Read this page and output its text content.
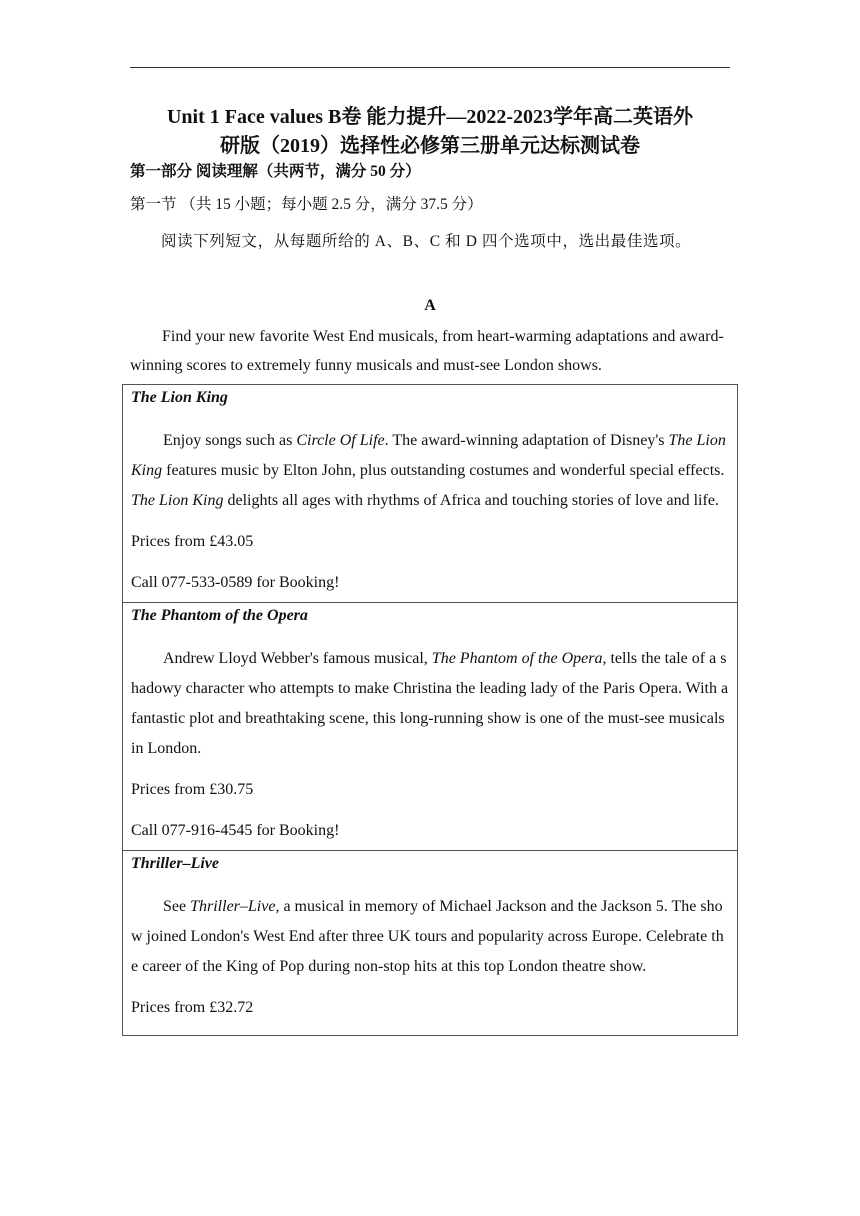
Unit 1 Face values B卷 能力提升—2022-2023学年高二英语外
研版（2019）选择性必修第三册单元达标测试卷
第一部分 阅读理解（共两节，满分 50 分）
第一节 （共 15 小题；每小题 2.5 分，满分 37.5 分）
阅读下列短文，从每题所给的 A、B、C 和 D 四个选项中，选出最佳选项。
A
Find your new favorite West End musicals, from heart-warming adaptations and award-winning scores to extremely funny musicals and must-see London shows.
The Lion King
Enjoy songs such as Circle Of Life. The award-winning adaptation of Disney's The Lion King features music by Elton John, plus outstanding costumes and wonderful special effects. The Lion King delights all ages with rhythms of Africa and touching stories of love and life.
Prices from £43.05
Call 077-533-0589 for Booking!

The Phantom of the Opera
Andrew Lloyd Webber's famous musical, The Phantom of the Opera, tells the tale of a shadowy character who attempts to make Christina the leading lady of the Paris Opera. With a fantastic plot and breathtaking scene, this long-running show is one of the must-see musicals in London.
Prices from £30.75
Call 077-916-4545 for Booking!

Thriller–Live
See Thriller–Live, a musical in memory of Michael Jackson and the Jackson 5. The show joined London's West End after three UK tours and popularity across Europe. Celebrate the career of the King of Pop during non-stop hits at this top London theatre show.
Prices from £32.72
